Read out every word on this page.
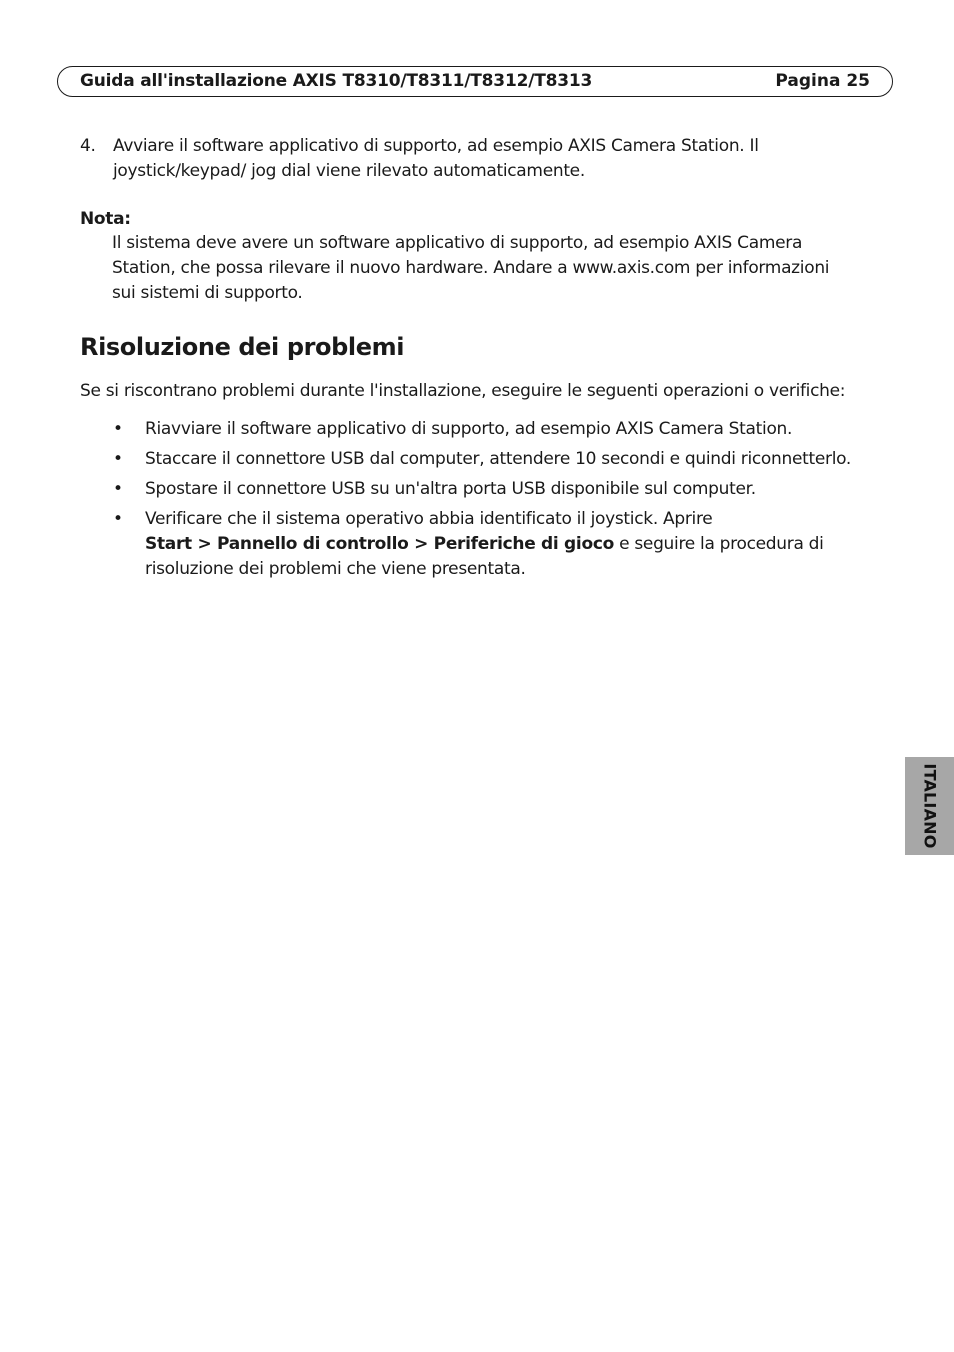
Guida all'installazione AXIS T8310/T8311/T8312/T8313	Pagina 25
4. Avviare il software applicativo di supporto, ad esempio AXIS Camera Station. Il joystick/keypad/ jog dial viene rilevato automaticamente.
Nota:
Il sistema deve avere un software applicativo di supporto, ad esempio AXIS Camera Station, che possa rilevare il nuovo hardware. Andare a www.axis.com per informazioni sui sistemi di supporto.
Risoluzione dei problemi
Se si riscontrano problemi durante l'installazione, eseguire le seguenti operazioni o verifiche:
• Riavviare il software applicativo di supporto, ad esempio AXIS Camera Station.
• Staccare il connettore USB dal computer, attendere 10 secondi e quindi riconnetterlo.
• Spostare il connettore USB su un'altra porta USB disponibile sul computer.
• Verificare che il sistema operativo abbia identificato il joystick. Aprire
Start > Pannello di controllo > Periferiche di gioco e seguire la procedura di risoluzione dei problemi che viene presentata.
ITALIANO
